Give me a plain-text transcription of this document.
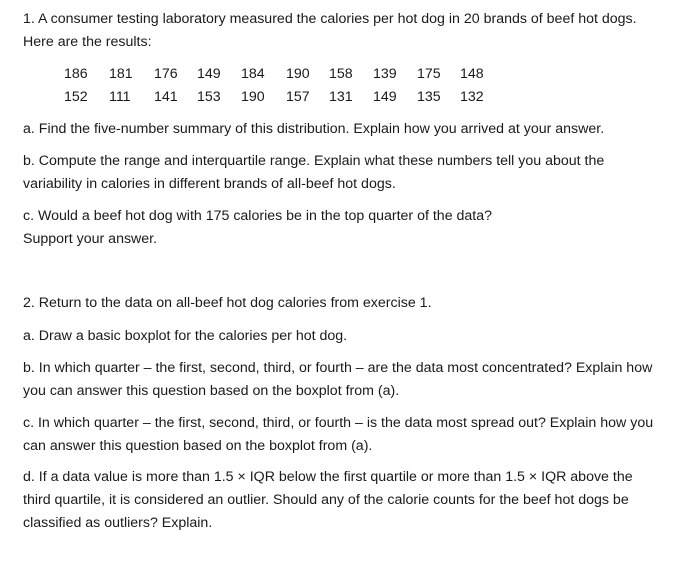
1. A consumer testing laboratory measured the calories per hot dog in 20 brands of beef hot dogs. Here are the results:

186	181	176	149	184	190	158	139	175	148
152	111	141	153	190	157	131	149	135	132

a. Find the five-number summary of this distribution. Explain how you arrived at your answer.

b. Compute the range and interquartile range. Explain what these numbers tell you about the variability in calories in different brands of all-beef hot dogs.

c. Would a beef hot dog with 175 calories be in the top quarter of the data?

Support your answer.

2. Return to the data on all-beef hot dog calories from exercise 1.

a. Draw a basic boxplot for the calories per hot dog.

b. In which quarter – the first, second, third, or fourth – are the data most concentrated? Explain how you can answer this question based on the boxplot from (a).

c. In which quarter – the first, second, third, or fourth – is the data most spread out? Explain how you can answer this question based on the boxplot from (a).

d. If a data value is more than 1.5 × IQR below the first quartile or more than 1.5 × IQR above the third quartile, it is considered an outlier. Should any of the calorie counts for the beef hot dogs be classified as outliers? Explain.
